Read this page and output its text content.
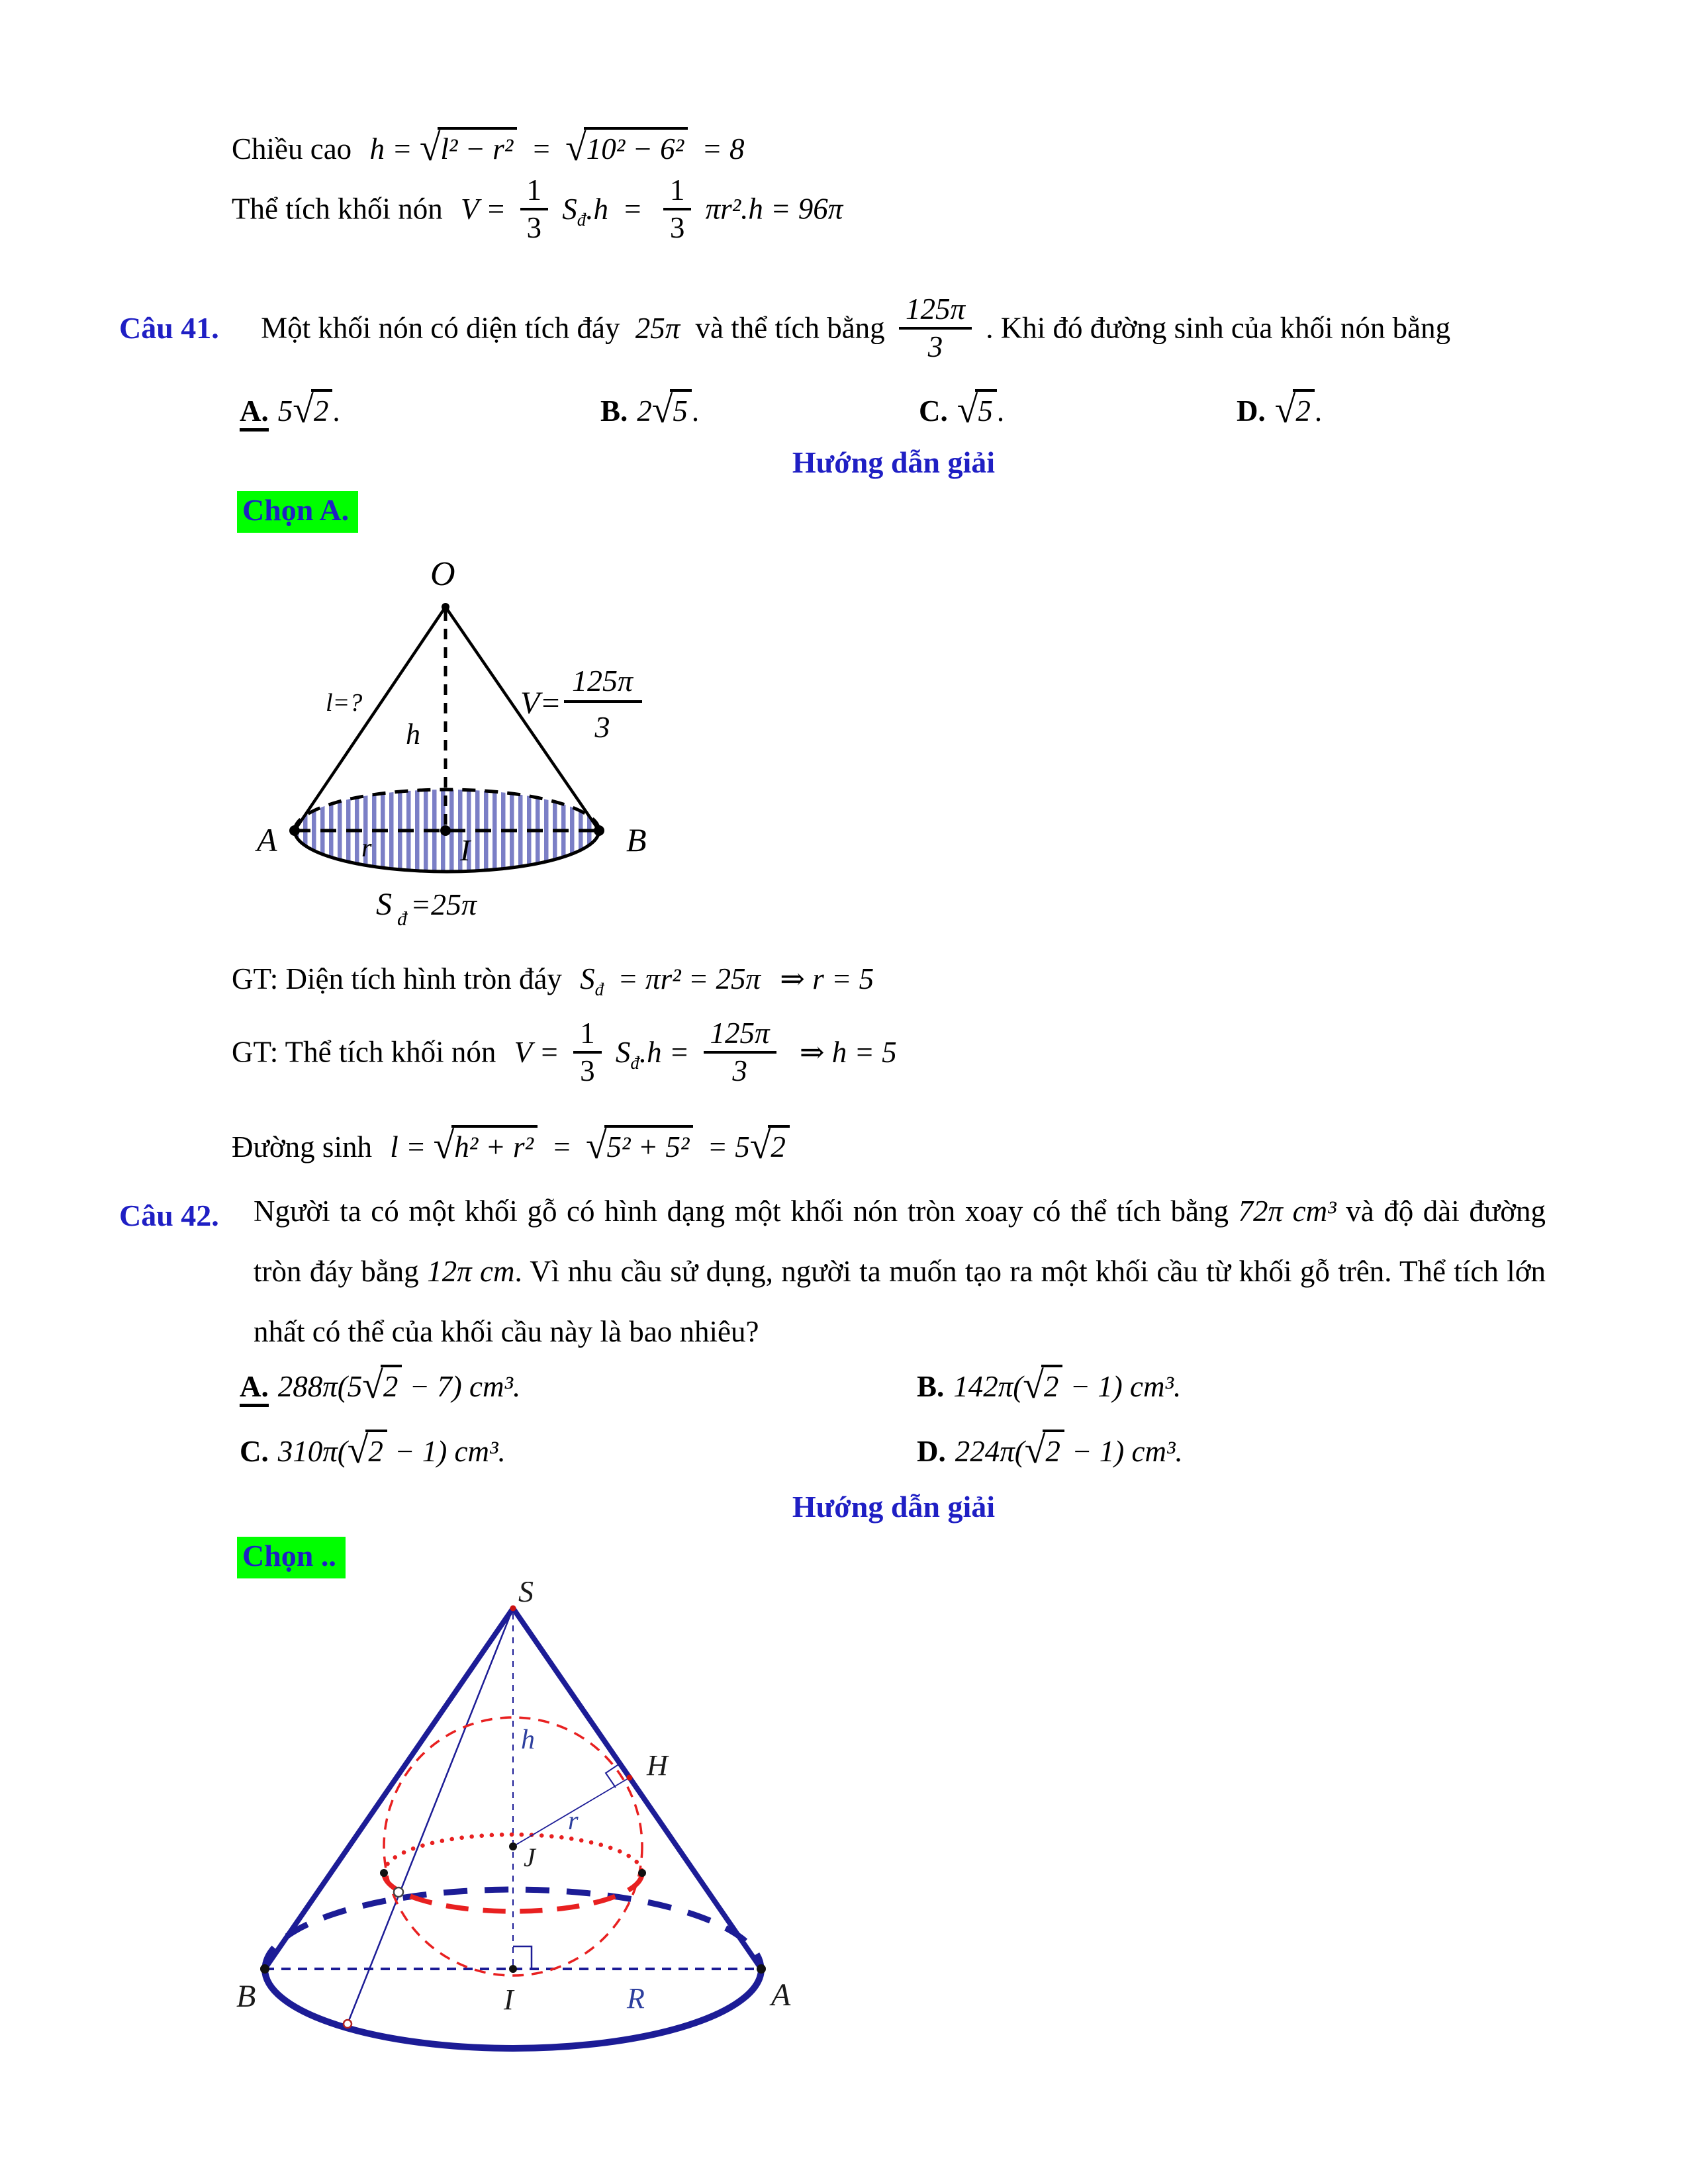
Chiều cao h = √l² − r² = √10² − 6² = 8
Thể tích khối nón $V = \frac{1}{3} S_đ.h = \frac{1}{3} \pi r^2.h = 96\pi$
Câu 41. Một khối nón có diện tích đáy 25π và thể tích bằng $\frac{125\pi}{3}$ . Khi đó đường sinh của khối nón bằng
A. 5√2 .	B. 2√5 .	C. √5 .	D. √2 .
Hướng dẫn giải
Chọn A.
O
l=?
h
V=
125π
3
r	I
A	B
S đ =25π
GT: Diện tích hình tròn đáy $S_đ = \pi r^2 = 25\pi$ ⇒ r = 5
GT: Thể tích khối nón $V = \frac{1}{3} S_đ.h = \frac{125\pi}{3}$ ⇒ h = 5
Đường sinh l = √h² + r² = √5² + 5² = 5√2
Câu 42. Người ta có một khối gỗ có hình dạng một khối nón tròn xoay có thể tích bằng 72π cm³ và độ dài đường tròn đáy bằng 12π cm. Vì nhu cầu sử dụng, người ta muốn tạo ra một khối cầu từ khối gỗ trên. Thể tích lớn nhất có thể của khối cầu này là bao nhiêu?
A. 288π(5√2 − 7) cm³.	B. 142π(√2 − 1) cm³.
C. 310π(√2 − 1) cm³.	D. 224π(√2 − 1) cm³.
Hướng dẫn giải
Chọn ..
S
h
H
r
J
B	I	R	A
